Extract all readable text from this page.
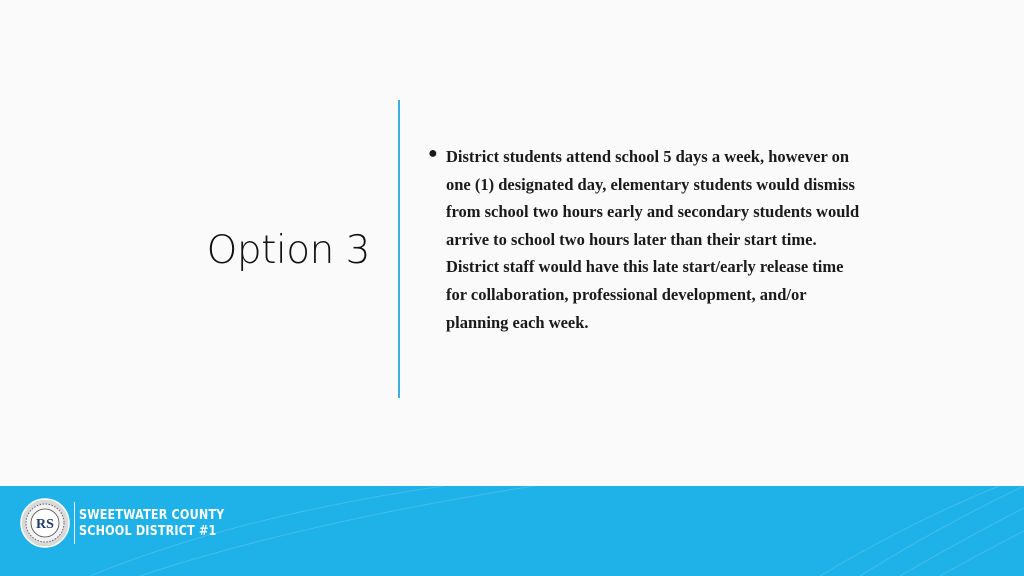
Option 3
● District students attend school 5 days a week, however on one (1) designated day, elementary students would dismiss from school two hours early and secondary students would arrive to school two hours later than their start time. District staff would have this late start/early release time for collaboration, professional development, and/or planning each week.
RS
SWEETWATER COUNTY
SCHOOL DISTRICT #1
